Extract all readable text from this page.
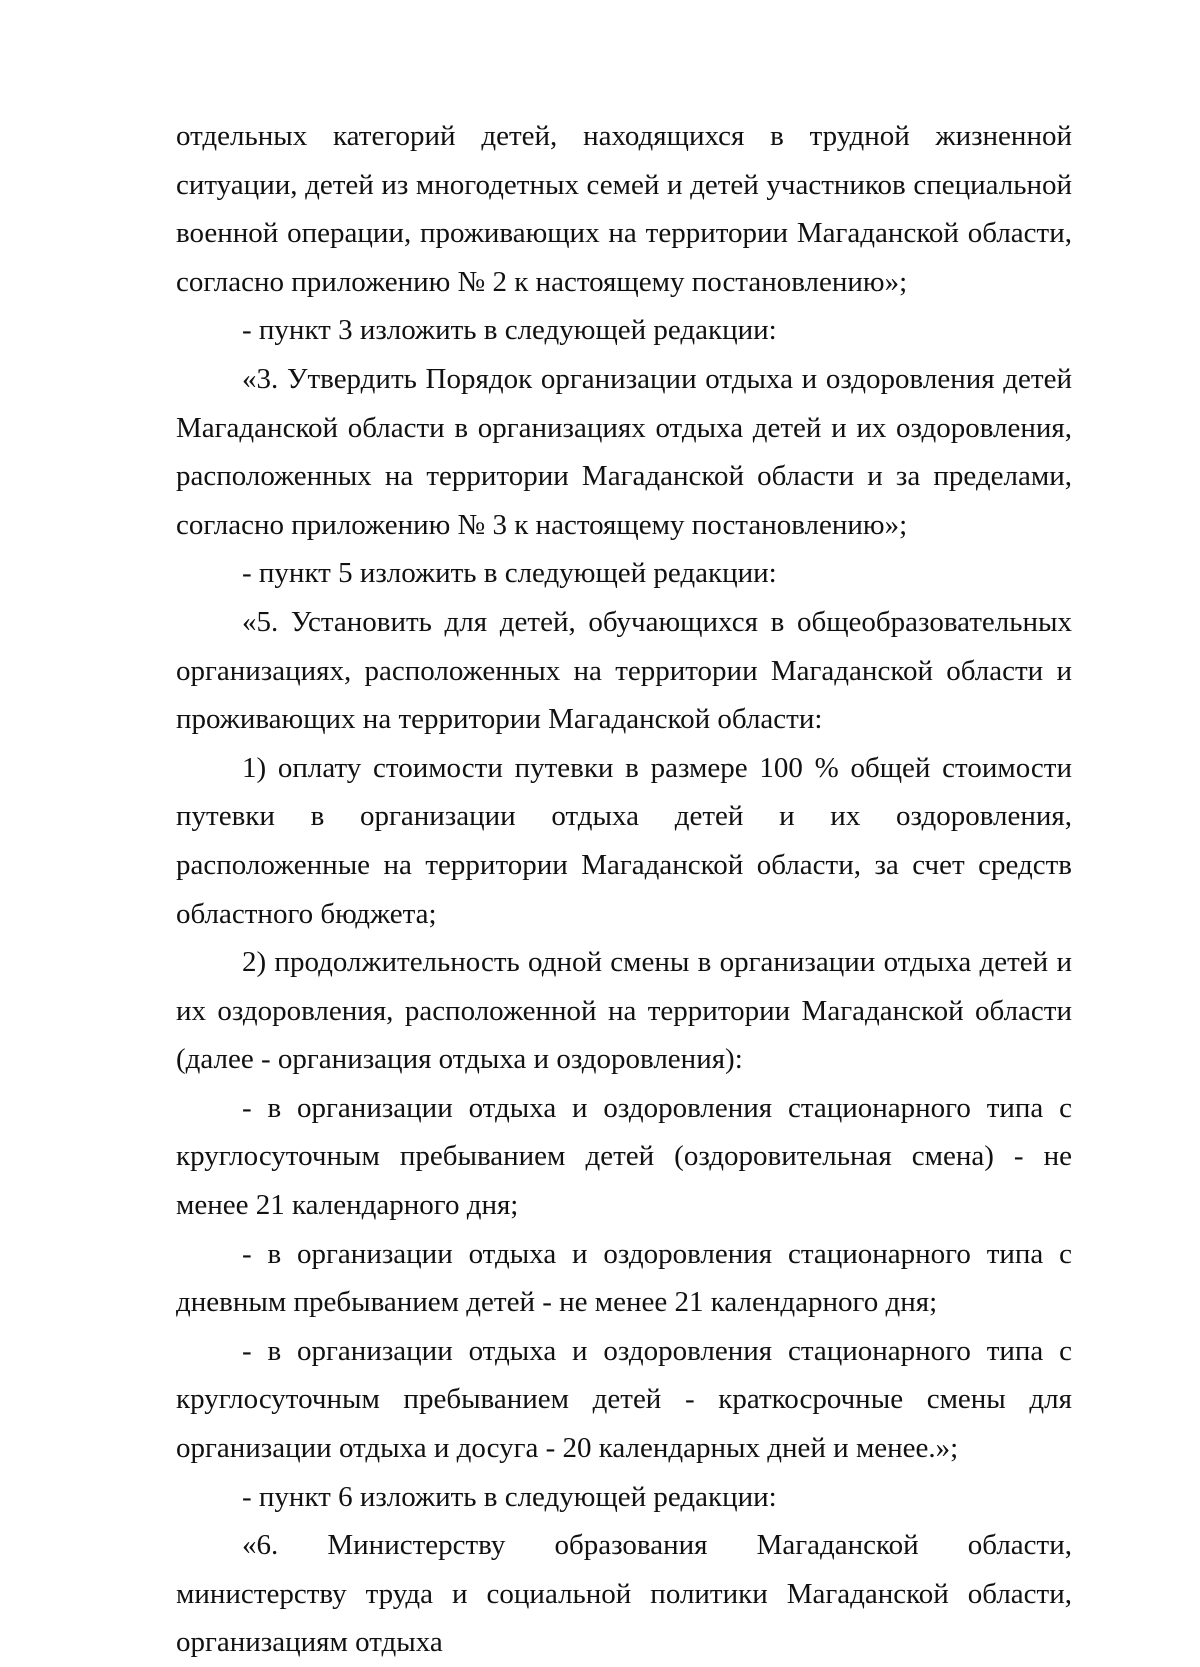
отдельных категорий детей, находящихся в трудной жизненной ситуации, детей из многодетных семей и детей участников специальной военной операции, проживающих на территории Магаданской области, согласно приложению № 2 к настоящему постановлению»;

- пункт 3 изложить в следующей редакции:

«3. Утвердить Порядок организации отдыха и оздоровления детей Магаданской области в организациях отдыха детей и их оздоровления, расположенных на территории Магаданской области и за пределами, согласно приложению № 3 к настоящему постановлению»;

- пункт 5 изложить в следующей редакции:

«5. Установить для детей, обучающихся в общеобразовательных организациях, расположенных на территории Магаданской области и проживающих на территории Магаданской области:

1) оплату стоимости путевки в размере 100 % общей стоимости путевки в организации отдыха детей и их оздоровления, расположенные на территории Магаданской области, за счет средств областного бюджета;

2) продолжительность одной смены в организации отдыха детей и их оздоровления, расположенной на территории Магаданской области (далее - организация отдыха и оздоровления):

- в организации отдыха и оздоровления стационарного типа с круглосуточным пребыванием детей (оздоровительная смена) - не менее 21 календарного дня;

- в организации отдыха и оздоровления стационарного типа с дневным пребыванием детей - не менее 21 календарного дня;

- в организации отдыха и оздоровления стационарного типа с круглосуточным пребыванием детей - краткосрочные смены для организации отдыха и досуга - 20 календарных дней и менее.»;

- пункт 6 изложить в следующей редакции:

«6. Министерству образования Магаданской области, министерству труда и социальной политики Магаданской области, организациям отдыха
